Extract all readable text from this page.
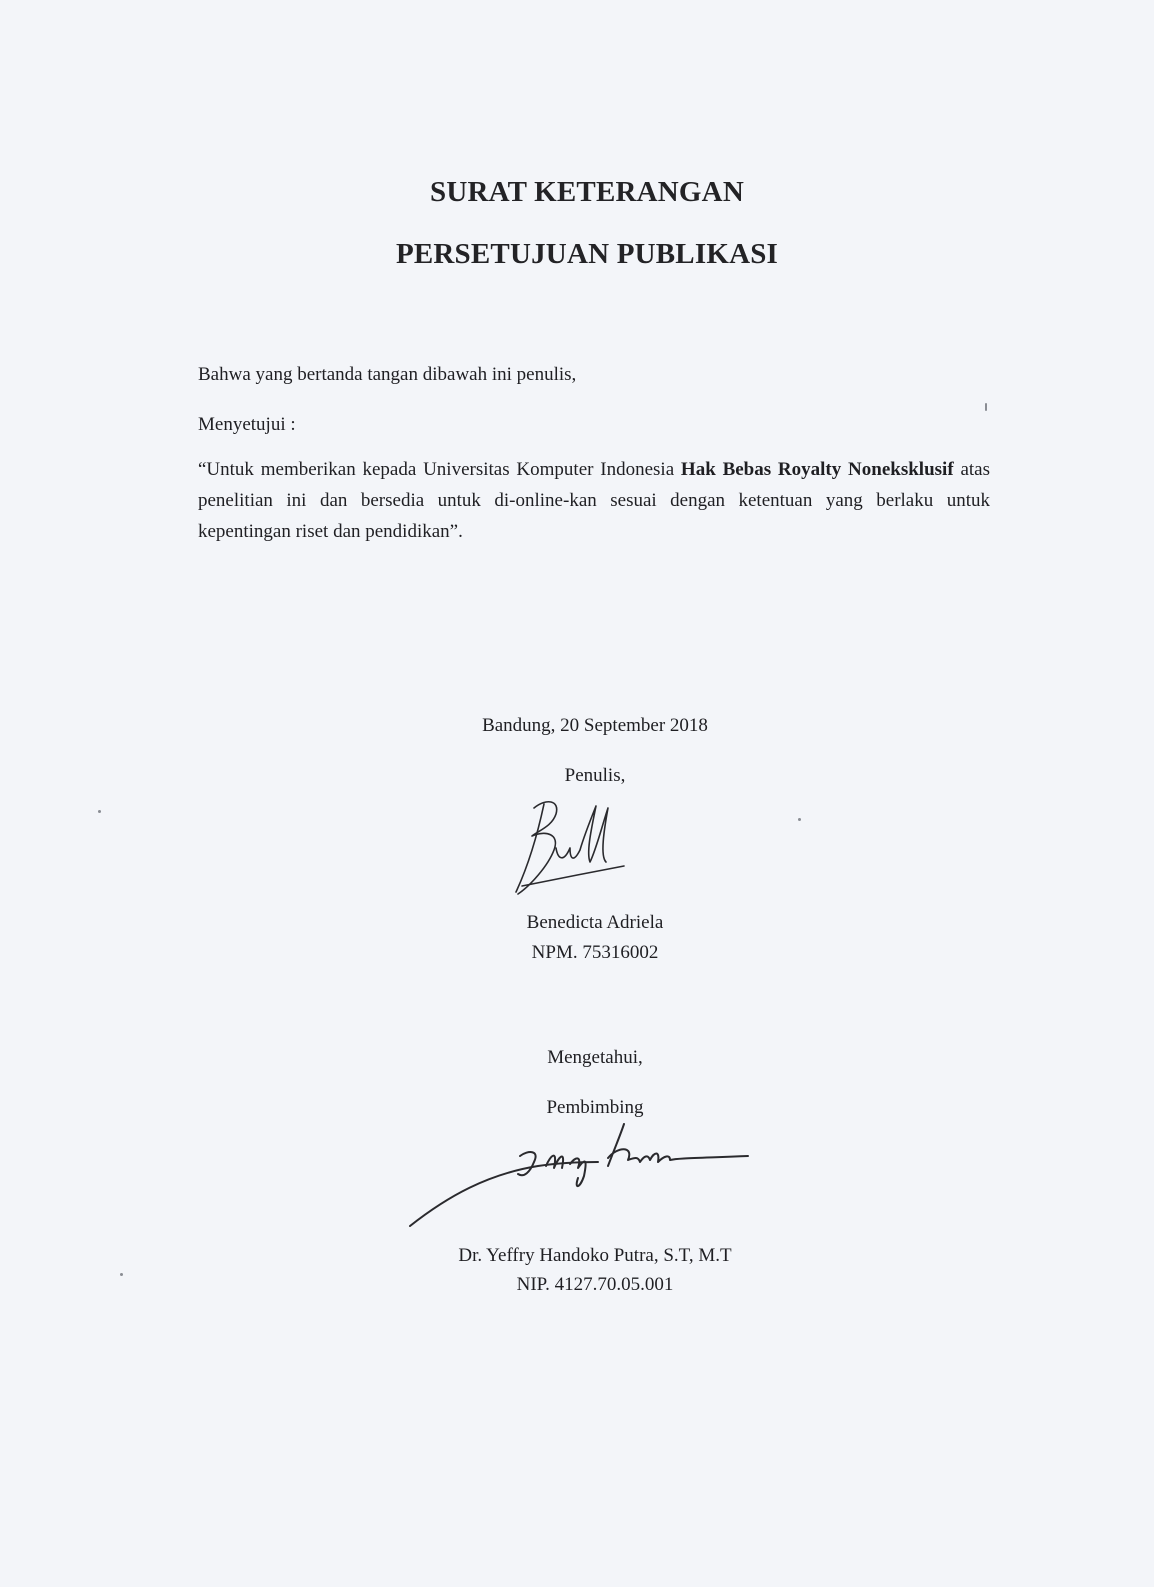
SURAT KETERANGAN
PERSETUJUAN PUBLIKASI
Bahwa yang bertanda tangan dibawah ini penulis,
Menyetujui :
“Untuk memberikan kepada Universitas Komputer Indonesia Hak Bebas Royalty Noneksklusif atas penelitian ini dan bersedia untuk di-online-kan sesuai dengan ketentuan yang berlaku untuk kepentingan riset dan pendidikan”.
Bandung, 20 September 2018
Penulis,
Benedicta Adriela
NPM. 75316002
Mengetahui,
Pembimbing
Dr. Yeffry Handoko Putra, S.T, M.T
NIP. 4127.70.05.001
